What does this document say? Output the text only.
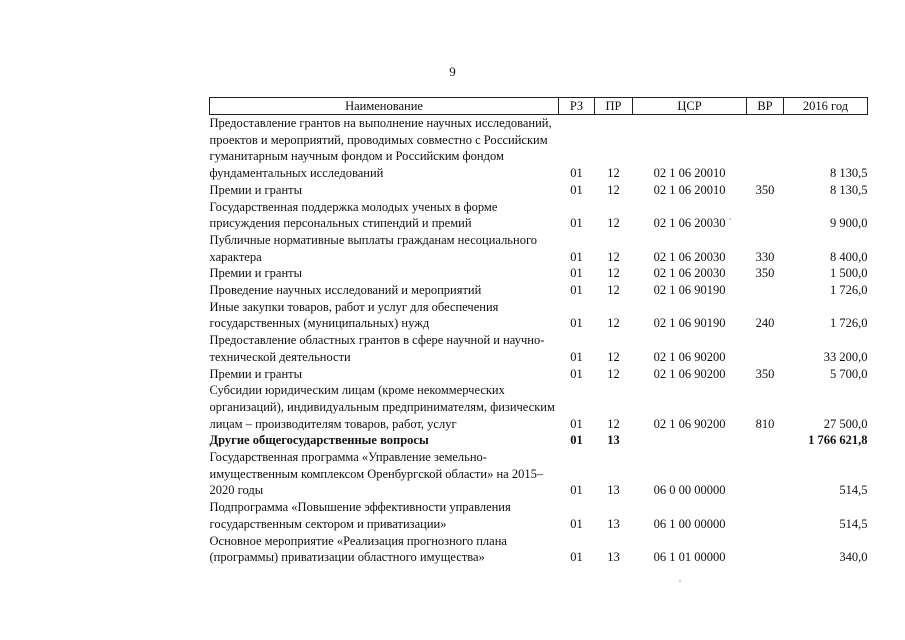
9
Наименование	РЗ	ПР	ЦСР	ВР	2016 год
Предоставление грантов на выполнение научных исследований, проектов и мероприятий, проводимых совместно с Российским гуманитарным научным фондом и Российским фондом фундаментальных исследований	01	12	02 1 06 20010		8 130,5
Премии и гранты	01	12	02 1 06 20010	350	8 130,5
Государственная поддержка молодых ученых в форме присуждения персональных стипендий и премий	01	12	02 1 06 20030		9 900,0
Публичные нормативные выплаты гражданам несоциального характера	01	12	02 1 06 20030	330	8 400,0
Премии и гранты	01	12	02 1 06 20030	350	1 500,0
Проведение научных исследований и мероприятий	01	12	02 1 06 90190		1 726,0
Иные закупки товаров, работ и услуг для обеспечения государственных (муниципальных) нужд	01	12	02 1 06 90190	240	1 726,0
Предоставление областных грантов в сфере научной и научно-технической деятельности	01	12	02 1 06 90200		33 200,0
Премии и гранты	01	12	02 1 06 90200	350	5 700,0
Субсидии юридическим лицам (кроме некоммерческих организаций), индивидуальным предпринимателям, физическим лицам – производителям товаров, работ, услуг	01	12	02 1 06 90200	810	27 500,0
Другие общегосударственные вопросы	01	13			1 766 621,8
Государственная программа «Управление земельно-имущественным комплексом Оренбургской области» на 2015–2020 годы	01	13	06 0 00 00000		514,5
Подпрограмма «Повышение эффективности управления государственным сектором и приватизации»	01	13	06 1 00 00000		514,5
Основное мероприятие «Реализация прогнозного плана (программы) приватизации областного имущества»	01	13	06 1 01 00000		340,0
